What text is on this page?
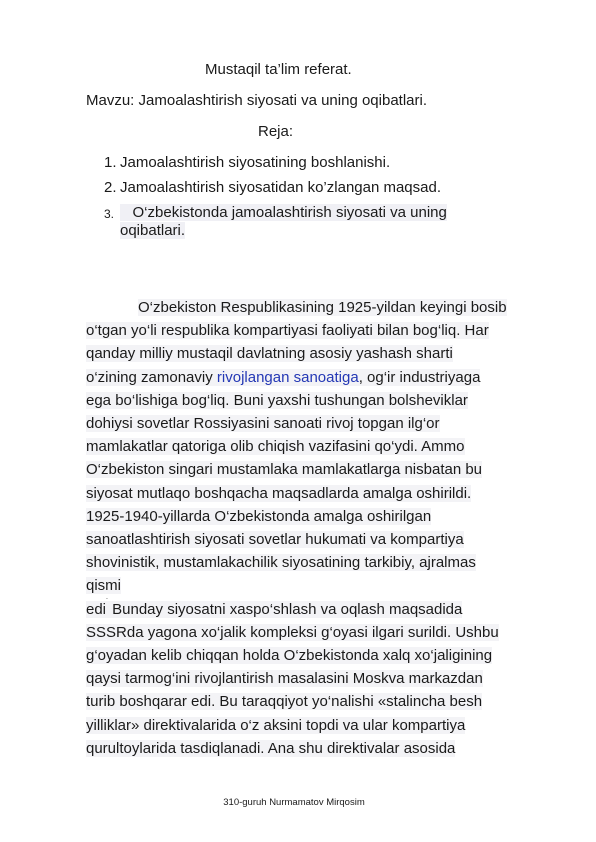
Mustaqil ta’lim referat.
Mavzu: Jamoalashtirish siyosati va uning oqibatlari.
Reja:
1. Jamoalashtirish siyosatining boshlanishi.
2. Jamoalashtirish siyosatidan ko’zlangan maqsad.
3.	O‘zbekistonda jamoalashtirish siyosati va uning
oqibatlari.
O‘zbekiston Respublikasining 1925-yildan keyingi bosib
o‘tgan yo‘li respublika kompartiyasi faoliyati bilan bog‘liq. Har
qanday milliy mustaqil davlatning asosiy yashash sharti
o‘zining zamonaviy rivojlangan sanoatiga, og‘ir industriyaga
ega bo‘lishiga bog‘liq. Buni yaxshi tushungan bolsheviklar
dohiysi sovetlar Rossiyasini sanoati rivoj topgan ilg‘or
mamlakatlar qatoriga olib chiqish vazifasini qo‘ydi. Ammo
O‘zbekiston singari mustamlaka mamlakatlarga nisbatan bu
siyosat mutlaqo boshqacha maqsadlarda amalga oshirildi.
1925-1940-yillarda O‘zbekistonda amalga oshirilgan
sanoatlashtirish siyosati sovetlar hukumati va kompartiya
shovinistik, mustamlakachilik siyosatining tarkibiy, ajralmas
qismi
edi. Bunday siyosatni xaspo‘shlash va oqlash maqsadida
SSSRda yagona xo‘jalik kompleksi g‘oyasi ilgari surildi. Ushbu
g‘oyadan kelib chiqqan holda O‘zbekistonda xalq xo‘jaligining
qaysi tarmog‘ini rivojlantirish masalasini Moskva markazdan
turib boshqarar edi. Bu taraqqiyot yo‘nalishi «stalincha besh
yilliklar» direktivalarida o‘z aksini topdi va ular kompartiya
qurultoylarida tasdiqlanadi. Ana shu direktivalar asosida
310-guruh Nurmamatov Mirqosim
